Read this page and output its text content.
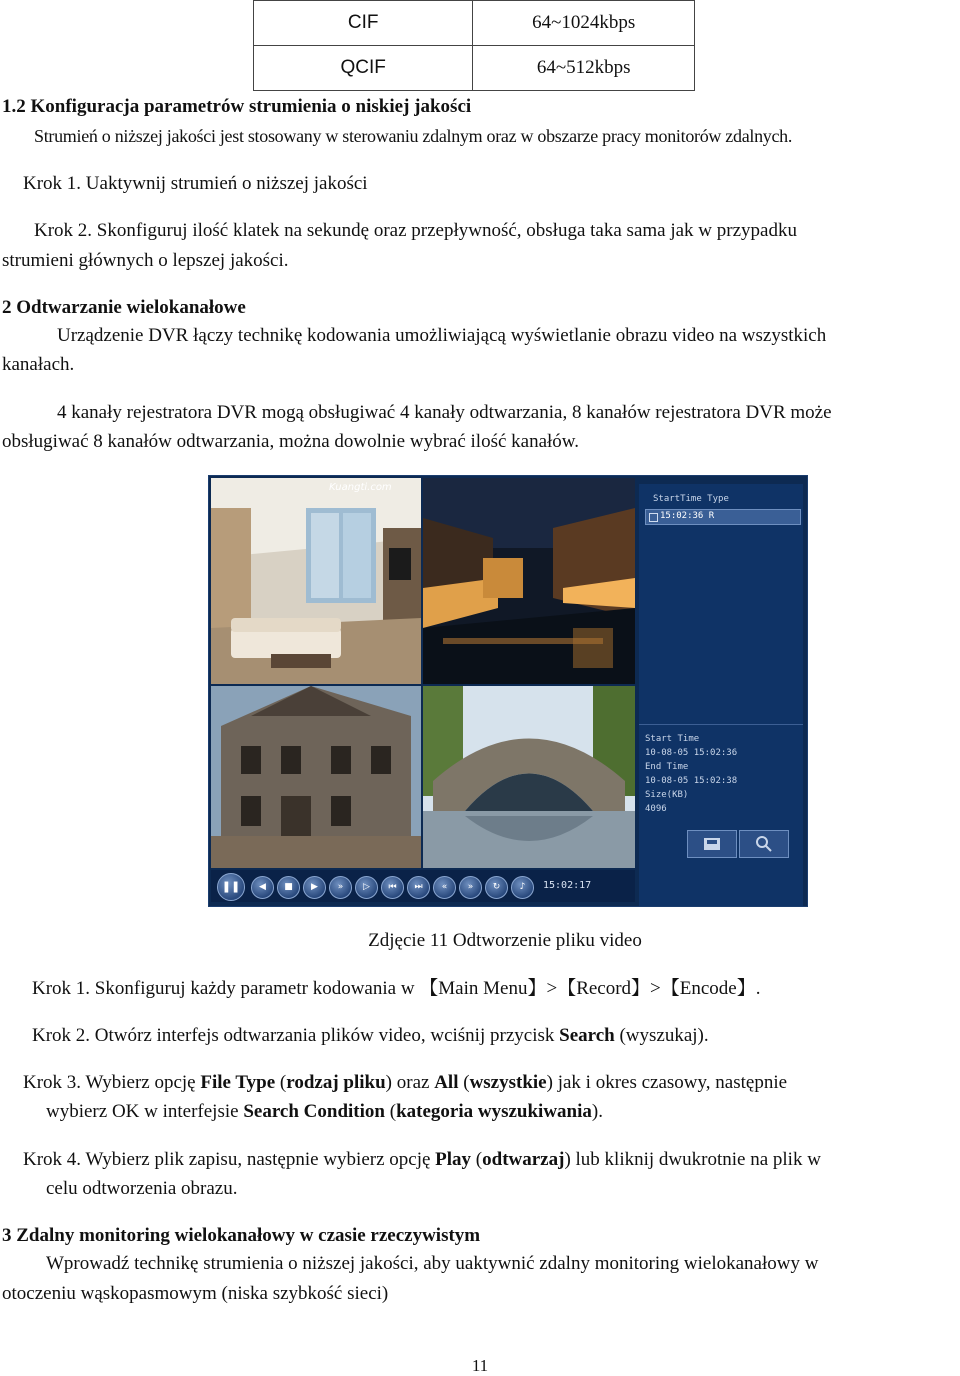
CIF	64~1024kbps
QCIF	64~512kbps
1.2 Konfiguracja parametrów strumienia o niskiej jakości
Strumień o niższej jakości jest stosowany w sterowaniu zdalnym oraz w obszarze pracy monitorów zdalnych.
Krok 1. Uaktywnij strumień o niższej jakości
Krok 2. Skonfiguruj ilość klatek na sekundę oraz przepływność, obsługa taka sama jak w przypadku
strumieni głównych o lepszej jakości.
2 Odtwarzanie wielokanałowe
Urządzenie DVR łączy technikę kodowania umożliwiającą wyświetlanie obrazu video na wszystkich
kanałach.
4 kanały rejestratora DVR mogą obsługiwać 4 kanały odtwarzania, 8 kanałów rejestratora DVR może
obsługiwać 8 kanałów odtwarzania, można dowolnie wybrać ilość kanałów.
Kuangti.com
StartTime Type
15:02:36 R
Start Time
10-08-05 15:02:36
End Time
10-08-05 15:02:38
Size(KB)
4096
❚❚	◀	■	▶	»	▷	⏮	⏭	«	»	↻	♪	15:02:17
Zdjęcie 11 Odtworzenie pliku video
Krok 1. Skonfiguruj każdy parametr kodowania w 【Main Menu】>【Record】>【Encode】.
Krok 2. Otwórz interfejs odtwarzania plików video, wciśnij przycisk Search (wyszukaj).
Krok 3. Wybierz opcję File Type (rodzaj pliku) oraz All (wszystkie) jak i okres czasowy, następnie
wybierz OK w interfejsie Search Condition (kategoria wyszukiwania).
Krok 4. Wybierz plik zapisu, następnie wybierz opcję Play (odtwarzaj) lub kliknij dwukrotnie na plik w
celu odtworzenia obrazu.
3 Zdalny monitoring wielokanałowy w czasie rzeczywistym
Wprowadź technikę strumienia o niższej jakości, aby uaktywnić zdalny monitoring wielokanałowy w
otoczeniu wąskopasmowym (niska szybkość sieci)
11
